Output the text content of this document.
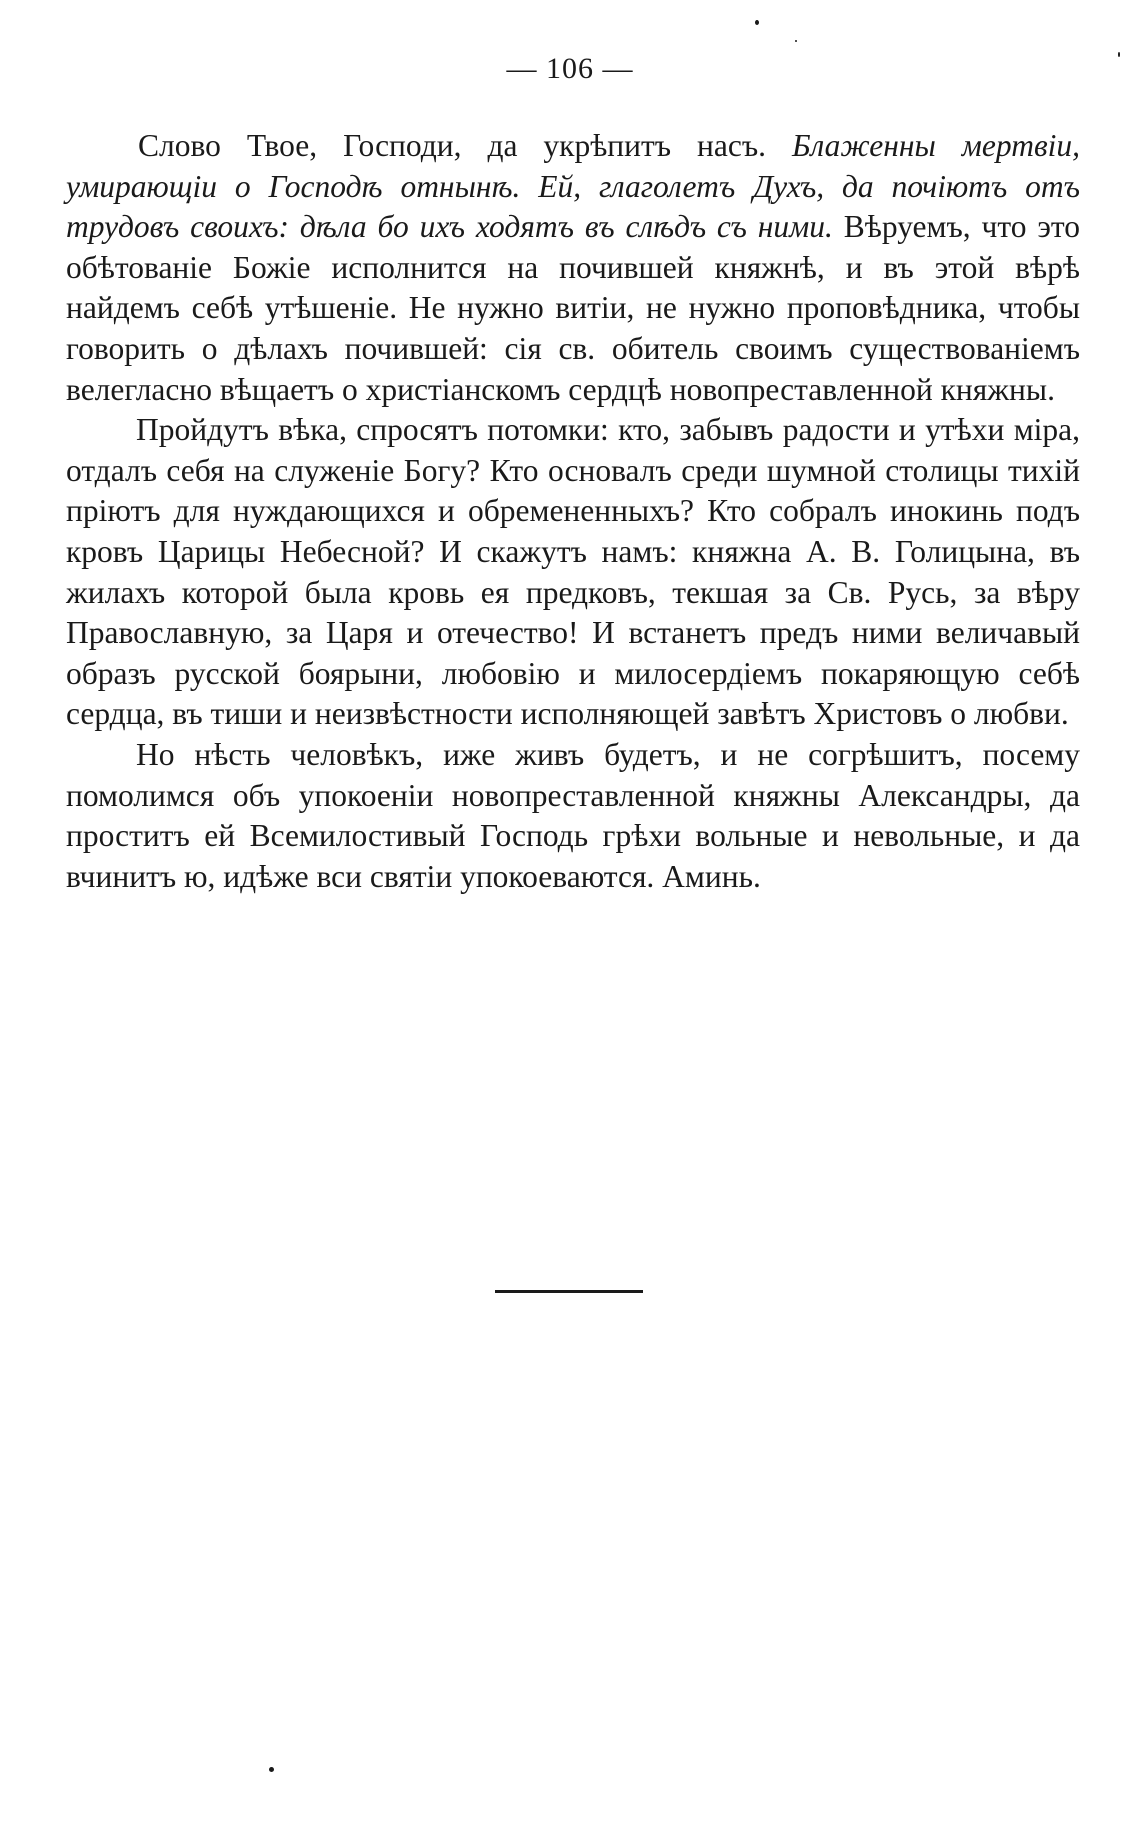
— 106 —

Слово Твое, Господи, да укрѣпитъ насъ. Блаженны мертвіи, умирающіи о Господѣ отнынѣ. Ей, глаголетъ Духъ, да почіютъ отъ трудовъ своихъ: дѣла бо ихъ ходятъ въ слѣдъ съ ними. Вѣруемъ, что это обѣтованіе Божіе исполнится на почившей княжнѣ, и въ этой вѣрѣ найдемъ себѣ утѣшеніе. Не нужно витіи, не нужно проповѣдника, чтобы говорить о дѣлахъ почившей: сія св. обитель своимъ существованіемъ велегласно вѣщаетъ о христіанскомъ сердцѣ новопреставленной княжны.

Пройдутъ вѣка, спросятъ потомки: кто, забывъ радости и утѣхи міра, отдалъ себя на служеніе Богу? Кто основалъ среди шумной столицы тихій пріютъ для нуждающихся и обремененныхъ? Кто собралъ инокинь подъ кровъ Царицы Небесной? И скажутъ намъ: княжна А. В. Голицына, въ жилахъ которой была кровь ея предковъ, текшая за Св. Русь, за вѣру Православную, за Царя и отечество! И встанетъ предъ ними величавый образъ русской боярыни, любовію и милосердіемъ покаряющую себѣ сердца, въ тиши и неизвѣстности исполняющей завѣтъ Христовъ о любви.

Но нѣсть человѣкъ, иже живъ будетъ, и не согрѣшитъ, посему помолимся объ упокоеніи новопреставленной княжны Александры, да проститъ ей Всемилостивый Господь грѣхи вольные и невольные, и да вчинитъ ю, идѣже вси святіи упокоеваются. Аминь.
